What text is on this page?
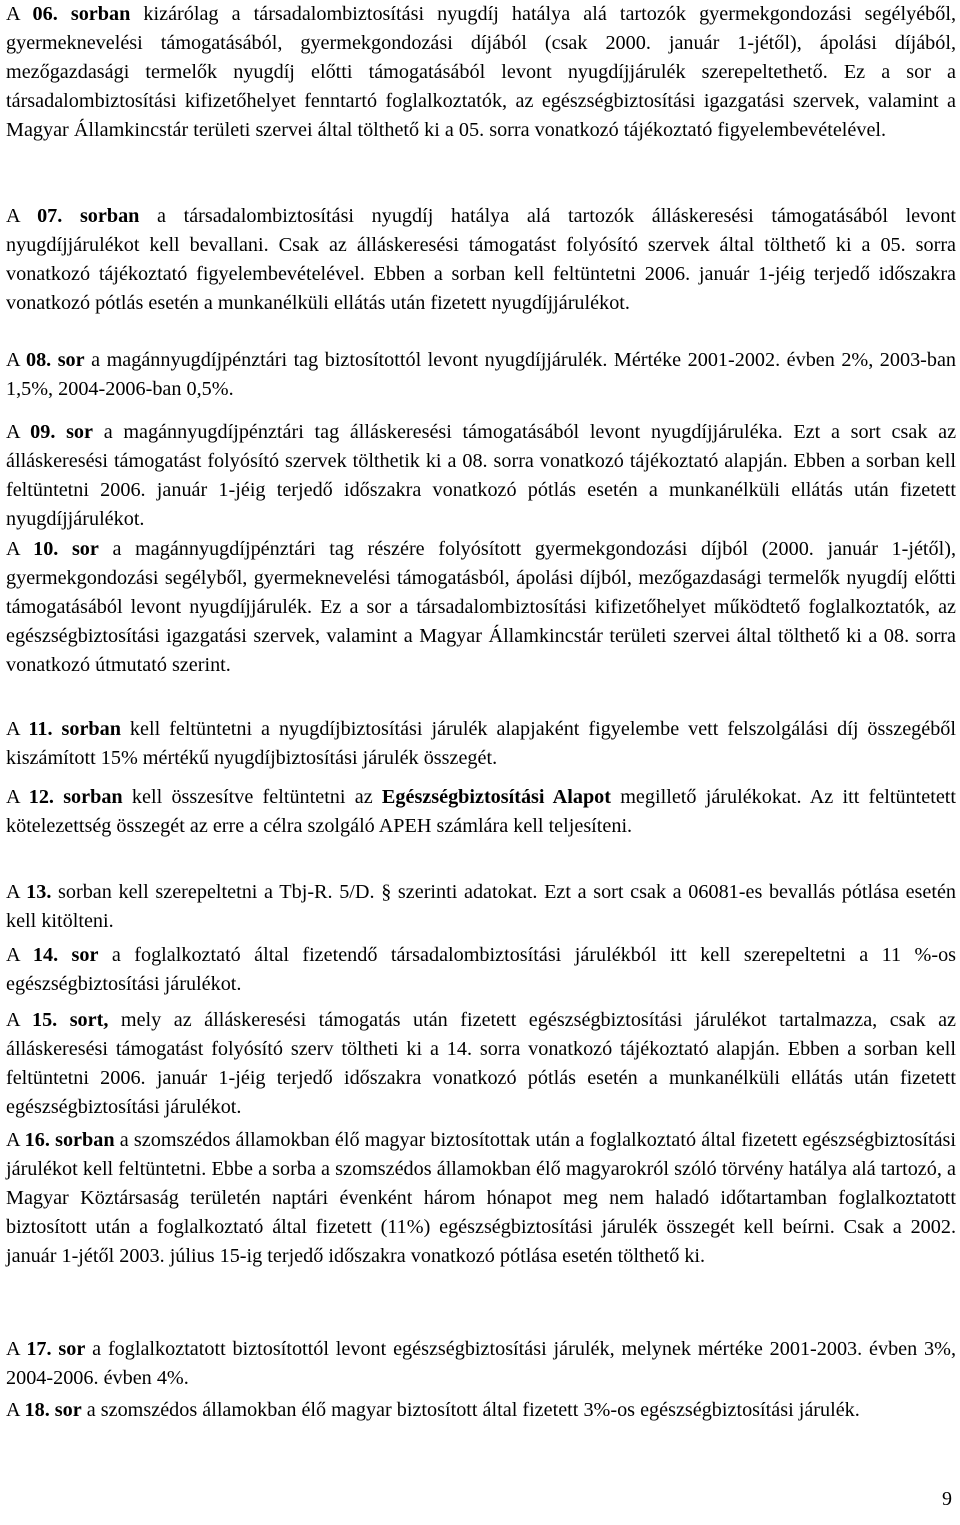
A 06. sorban kizárólag a társadalombiztosítási nyugdíj hatálya alá tartozók gyermekgondozási segélyéből, gyermeknevelési támogatásából, gyermekgondozási díjából (csak 2000. január 1-jétől), ápolási díjából, mezőgazdasági termelők nyugdíj előtti támogatásából levont nyugdíjjárulék szerepeltethető. Ez a sor a társadalombiztosítási kifizetőhelyet fenntartó foglalkoztatók, az egészségbiztosítási igazgatási szervek, valamint a Magyar Államkincstár területi szervei által tölthető ki a 05. sorra vonatkozó tájékoztató figyelembevételével.

A 07. sorban a társadalombiztosítási nyugdíj hatálya alá tartozók álláskeresési támogatásából levont nyugdíjjárulékot kell bevallani. Csak az álláskeresési támogatást folyósító szervek által tölthető ki a 05. sorra vonatkozó tájékoztató figyelembevételével. Ebben a sorban kell feltüntetni 2006. január 1-jéig terjedő időszakra vonatkozó pótlás esetén a munkanélküli ellátás után fizetett nyugdíjjárulékot.

A 08. sor a magánnyugdíjpénztári tag biztosítottól levont nyugdíjjárulék. Mértéke 2001-2002. évben 2%, 2003-ban 1,5%, 2004-2006-ban 0,5%.

A 09. sor a magánnyugdíjpénztári tag álláskeresési támogatásából levont nyugdíjjáruléka. Ezt a sort csak az álláskeresési támogatást folyósító szervek tölthetik ki a 08. sorra vonatkozó tájékoztató alapján. Ebben a sorban kell feltüntetni 2006. január 1-jéig terjedő időszakra vonatkozó pótlás esetén a munkanélküli ellátás után fizetett nyugdíjjárulékot.

A 10. sor a magánnyugdíjpénztári tag részére folyósított gyermekgondozási díjból (2000. január 1-jétől), gyermekgondozási segélyből, gyermeknevelési támogatásból, ápolási díjból, mezőgazdasági termelők nyugdíj előtti támogatásából levont nyugdíjjárulék. Ez a sor a társadalombiztosítási kifizetőhelyet működtető foglalkoztatók, az egészségbiztosítási igazgatási szervek, valamint a Magyar Államkincstár területi szervei által tölthető ki a 08. sorra vonatkozó útmutató szerint.

A 11. sorban kell feltüntetni a nyugdíjbiztosítási járulék alapjaként figyelembe vett felszolgálási díj összegéből kiszámított 15% mértékű nyugdíjbiztosítási járulék összegét.

A 12. sorban kell összesítve feltüntetni az Egészségbiztosítási Alapot megillető járulékokat. Az itt feltüntetett kötelezettség összegét az erre a célra szolgáló APEH számlára kell teljesíteni.

A 13. sorban kell szerepeltetni a Tbj-R. 5/D. § szerinti adatokat. Ezt a sort csak a 06081-es bevallás pótlása esetén kell kitölteni.

A 14. sor a foglalkoztató által fizetendő társadalombiztosítási járulékból itt kell szerepeltetni a 11 %-os egészségbiztosítási járulékot.

A 15. sort, mely az álláskeresési támogatás után fizetett egészségbiztosítási járulékot tartalmazza, csak az álláskeresési támogatást folyósító szerv töltheti ki a 14. sorra vonatkozó tájékoztató alapján. Ebben a sorban kell feltüntetni 2006. január 1-jéig terjedő időszakra vonatkozó pótlás esetén a munkanélküli ellátás után fizetett egészségbiztosítási járulékot.

A 16. sorban a szomszédos államokban élő magyar biztosítottak után a foglalkoztató által fizetett egészségbiztosítási járulékot kell feltüntetni. Ebbe a sorba a szomszédos államokban élő magyarokról szóló törvény hatálya alá tartozó, a Magyar Köztársaság területén naptári évenként három hónapot meg nem haladó időtartamban foglalkoztatott biztosított után a foglalkoztató által fizetett (11%) egészségbiztosítási járulék összegét kell beírni. Csak a 2002. január 1-jétől 2003. július 15-ig terjedő időszakra vonatkozó pótlása esetén tölthető ki.

A 17. sor a foglalkoztatott biztosítottól levont egészségbiztosítási járulék, melynek mértéke 2001-2003. évben 3%, 2004-2006. évben 4%.

A 18. sor a szomszédos államokban élő magyar biztosított által fizetett 3%-os egészségbiztosítási járulék.

9
